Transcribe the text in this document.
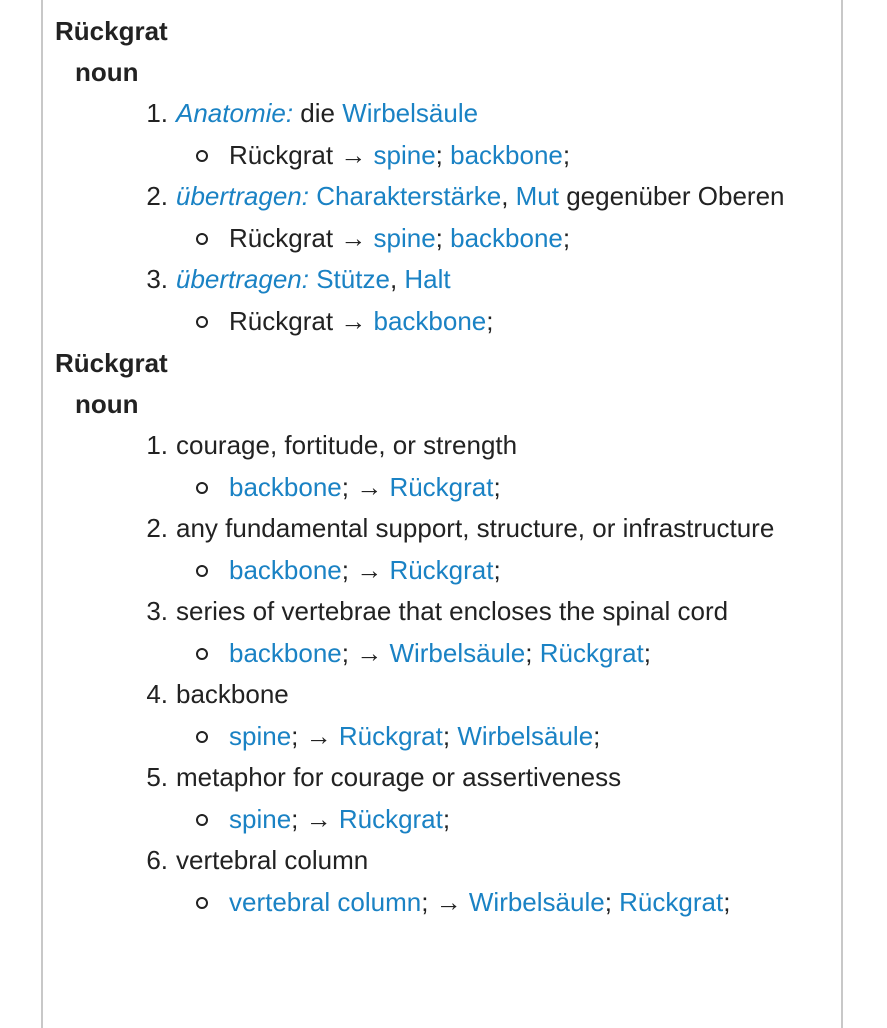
Rückgrat
noun
1. Anatomie: die Wirbelsäule
Rückgrat → spine; backbone;
2. übertragen: Charakterstärke, Mut gegenüber Oberen
Rückgrat → spine; backbone;
3. übertragen: Stütze, Halt
Rückgrat → backbone;
Rückgrat
noun
1. courage, fortitude, or strength
backbone; → Rückgrat;
2. any fundamental support, structure, or infrastructure
backbone; → Rückgrat;
3. series of vertebrae that encloses the spinal cord
backbone; → Wirbelsäule; Rückgrat;
4. backbone
spine; → Rückgrat; Wirbelsäule;
5. metaphor for courage or assertiveness
spine; → Rückgrat;
6. vertebral column
vertebral column; → Wirbelsäule; Rückgrat;
